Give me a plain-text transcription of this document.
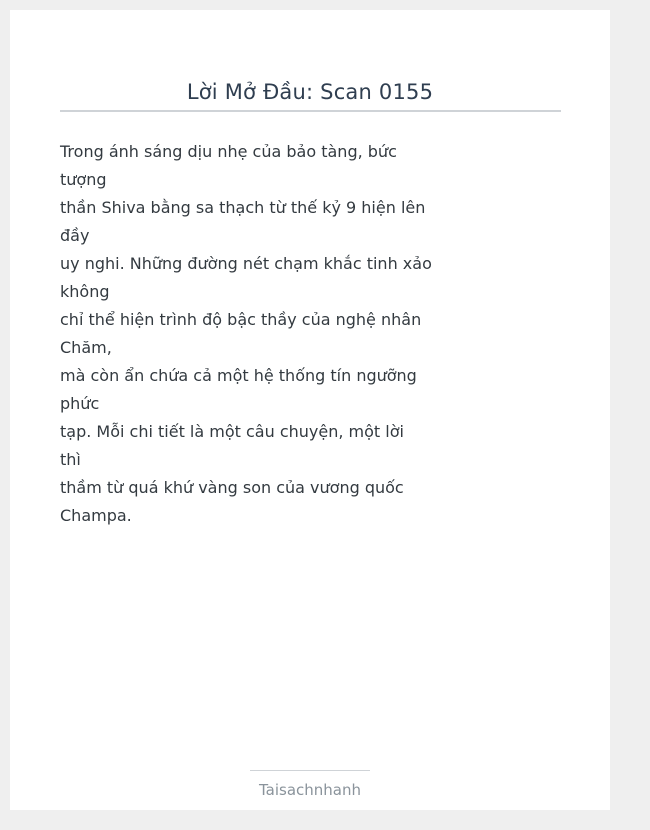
Lời Mở Đầu: Scan 0155
Trong ánh sáng dịu nhẹ của bảo tàng, bức
tượng
thần Shiva bằng sa thạch từ thế kỷ 9 hiện lên
đầy
uy nghi. Những đường nét chạm khắc tinh xảo
không
chỉ thể hiện trình độ bậc thầy của nghệ nhân
Chăm,
mà còn ẩn chứa cả một hệ thống tín ngưỡng
phức
tạp. Mỗi chi tiết là một câu chuyện, một lời
thì
thầm từ quá khứ vàng son của vương quốc
Champa.
Taisachnhanh
